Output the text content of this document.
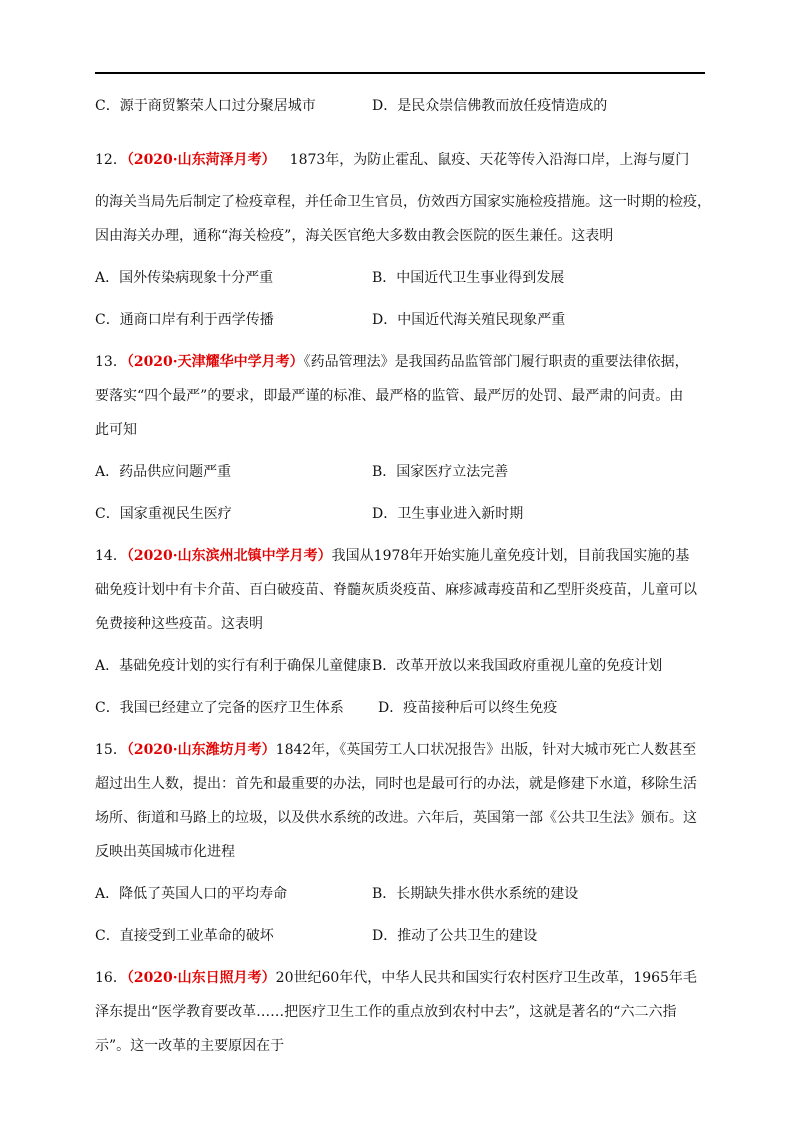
C．源于商贸繁荣人口过分聚居城市	D．是民众崇信佛教而放任疫情造成的
12．（2020·山东菏泽月考） 1873年，为防止霍乱、鼠疫、天花等传入沿海口岸，上海与厦门
的海关当局先后制定了检疫章程，并任命卫生官员，仿效西方国家实施检疫措施。这一时期的检疫，
因由海关办理，通称“海关检疫”，海关医官绝大多数由教会医院的医生兼任。这表明
A．国外传染病现象十分严重	B．中国近代卫生事业得到发展
C．通商口岸有利于西学传播	D．中国近代海关殖民现象严重
13．（2020·天津耀华中学月考）《药品管理法》是我国药品监管部门履行职责的重要法律依据，
要落实“四个最严”的要求，即最严谨的标准、最严格的监管、最严厉的处罚、最严肃的问责。由
此可知
A．药品供应问题严重	B．国家医疗立法完善
C．国家重视民生医疗	D．卫生事业进入新时期
14．（2020·山东滨州北镇中学月考）我国从1978年开始实施儿童免疫计划，目前我国实施的基
础免疫计划中有卡介苗、百白破疫苗、脊髓灰质炎疫苗、麻疹减毒疫苗和乙型肝炎疫苗，儿童可以
免费接种这些疫苗。这表明
A．基础免疫计划的实行有利于确保儿童健康 B．改革开放以来我国政府重视儿童的免疫计划
C．我国已经建立了完备的医疗卫生体系 D．疫苗接种后可以终生免疫
15．（2020·山东潍坊月考）1842年，《英国劳工人口状况报告》出版，针对大城市死亡人数甚至
超过出生人数，提出：首先和最重要的办法，同时也是最可行的办法，就是修建下水道，移除生活
场所、街道和马路上的垃圾，以及供水系统的改进。六年后，英国第一部《公共卫生法》颁布。这
反映出英国城市化进程
A．降低了英国人口的平均寿命	B．长期缺失排水供水系统的建设
C．直接受到工业革命的破坏	D．推动了公共卫生的建设
16．（2020·山东日照月考）20世纪60年代，中华人民共和国实行农村医疗卫生改革，1965年毛
泽东提出“医学教育要改革……把医疗卫生工作的重点放到农村中去”，这就是著名的“六二六指
示”。这一改革的主要原因在于
